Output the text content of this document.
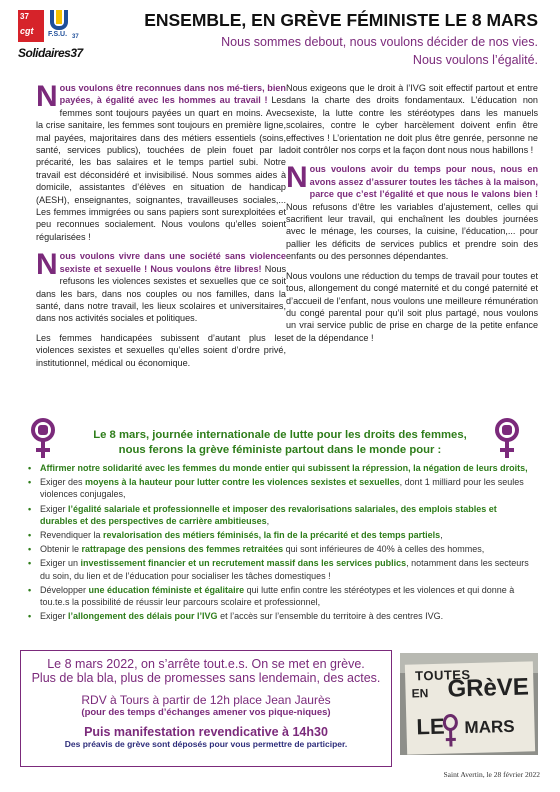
37
cgt F.S.U. 37
Solidaires37
ENSEMBLE, EN GRÈVE FÉMINISTE LE 8 MARS
Nous sommes debout, nous voulons décider de nos vies.
Nous voulons l’égalité.

Nous voulons être reconnues dans nos mé-tiers, bien payées, à égalité avec les hommes au travail ! Les femmes sont toujours payées un quart en moins. Avec la crise sanitaire, les femmes sont toujours en première ligne, mal payées, majoritaires dans des métiers essentiels (soins, santé, services publics), touchées de plein fouet par la précarité, les bas salaires et le temps partiel subi. Notre travail est déconsidéré et invisibilisé. Nous sommes aides à domicile, assistantes d’élèves en situation de handicap (AESH), enseignantes, soignantes, travailleuses sociales,... Les femmes immigrées ou sans papiers sont surexploitées et peu reconnues socialement. Nous voulons qu’elles soient régularisées !

Nous voulons vivre dans une société sans violence sexiste et sexuelle ! Nous voulons être libres! Nous refusons les violences sexistes et sexuelles que ce soit dans les bars, dans nos couples ou nos familles, dans la santé, dans notre travail, les lieux scolaires et universitaires, dans nos activités sociales et politiques.

Les femmes handicapées subissent d’autant plus les violences sexistes et sexuelles qu’elles soient d’ordre privé, institutionnel, médical ou économique.

Nous exigeons que le droit à l’IVG soit effectif partout et entre dans la charte des droits fondamentaux. L’éducation non sexiste, la lutte contre les stéréotypes dans les manuels scolaires, contre le cyber harcèlement doivent enfin être effectives ! L’orientation ne doit plus être genrée, personne ne doit contrôler nos corps et la façon dont nous nous habillons !

Nous voulons avoir du temps pour nous, nous en avons assez d’assurer toutes les tâches à la maison, parce que c’est l’égalité et que nous le valons bien ! Nous refusons d’être les variables d’ajustement, celles qui sacrifient leur travail, qui enchaînent les doubles journées avec le ménage, les courses, la cuisine, l’éducation,... pour pallier les déficits de services publics et prendre soin des enfants ou des personnes dépendantes.

Nous voulons une réduction du temps de travail pour toutes et tous, allongement du congé maternité et du congé paternité et d’accueil de l’enfant, nous voulons une meilleure rémunération du congé parental pour qu’il soit plus partagé, nous voulons un vrai service public de prise en charge de la petite enfance et de la dépendance !

Le 8 mars, journée internationale de lutte pour les droits des femmes,
nous ferons la grève féministe partout dans le monde pour :
• Affirmer notre solidarité avec les femmes du monde entier qui subissent la répression, la négation de leurs droits,
• Exiger des moyens à la hauteur pour lutter contre les violences sexistes et sexuelles, dont 1 milliard pour les seules violences conjugales,
• Exiger l’égalité salariale et professionnelle et imposer des revalorisations salariales, des emplois stables et durables et des perspectives de carrière ambitieuses,
• Revendiquer la revalorisation des métiers féminisés, la fin de la précarité et des temps partiels,
• Obtenir le rattrapage des pensions des femmes retraitées qui sont inférieures de 40% à celles des hommes,
• Exiger un investissement financier et un recrutement massif dans les services publics, notamment dans les secteurs du soin, du lien et de l’éducation pour socialiser les tâches domestiques !
• Développer une éducation féministe et égalitaire qui lutte enfin contre les stéréotypes et les violences et qui donne à tou.te.s la possibilité de réussir leur parcours scolaire et professionnel,
• Exiger l’allongement des délais pour l’IVG et l’accès sur l’ensemble du territoire à des centres IVG.
Le 8 mars 2022, on s’arrête tout.e.s. On se met en grève.
Plus de bla bla, plus de promesses sans lendemain, des actes.
RDV à Tours à partir de 12h place Jean Jaurès
(pour des temps d’échanges amener vos pique-niques)
Puis manifestation revendicative à 14h30
Des préavis de grève sont déposés pour vous permettre de participer.
TOUTES
EN GRèVE
LE MARS
Saint Avertin, le 28 février 2022
